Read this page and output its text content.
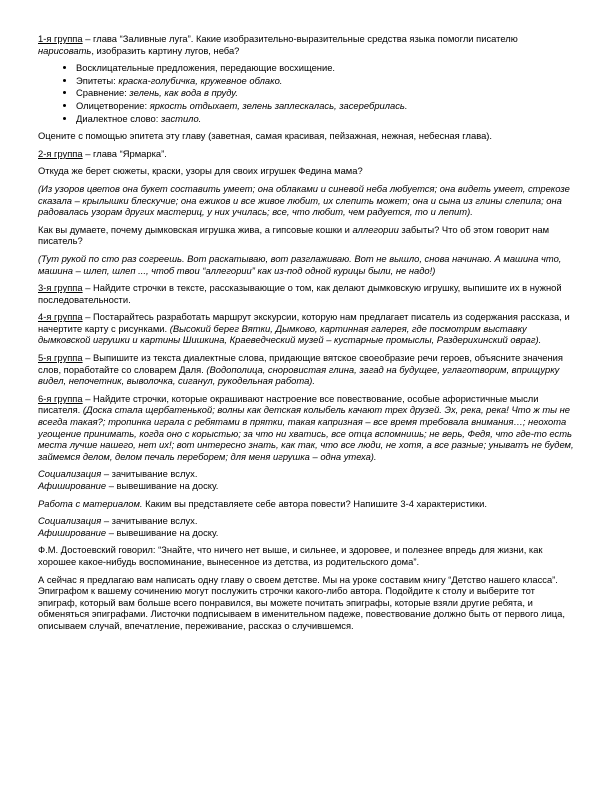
1-я группа – глава “Заливные луга”. Какие изобразительно-выразительные средства языка помогли писателю нарисовать, изобразить картину лугов, неба?

• Восклицательные предложения, передающие восхищение.
• Эпитеты: краска-голубичка, кружевное облако.
• Сравнение: зелень, как вода в пруду.
• Олицетворение: яркость отдыхает, зелень заплескалась, засеребрилась.
• Диалектное слово: застило.

Оцените с помощью эпитета эту главу (заветная, самая красивая, пейзажная, нежная, небесная глава).

2-я группа – глава “Ярмарка”.

Откуда же берет сюжеты, краски, узоры для своих игрушек Федина мама?

(Из узоров цветов она букет составить умеет; она облаками и синевой неба любуется; она видеть умеет, стрекозе сказала – крылышки блескучие; она ежиков и все живое любит, их слепить может; она и сына из глины слепила; она радовалась узорам других мастериц, у них училась; все, что любит, чем радуется, то и лепит).

Как вы думаете, почему дымковская игрушка жива, а гипсовые кошки и аллегории забыты? Что об этом говорит нам писатель?

(Тут рукой по сто раз согреешь. Вот раскатываю, вот разглаживаю. Вот не вышло, снова начинаю. А машина что, машина – шлеп, шлеп ..., чтоб твои “аллегории” как из-под одной курицы были, не надо!)

3-я группа – Найдите строчки в тексте, рассказывающие о том, как делают дымковскую игрушку, выпишите их в нужной последовательности.

4-я группа – Постарайтесь разработать маршрут экскурсии, которую нам предлагает писатель из содержания рассказа, и начертите карту с рисунками. (Высокий берег Вятки, Дымково, картинная галерея, где посмотрим выставку дымковской игрушки и картины Шишкина, Краеведческий музей – кустарные промыслы, Раздерихинский овраг).

5-я группа – Выпишите из текста диалектные слова, придающие вятское своеобразие речи героев, объясните значения слов, поработайте со словарем Даля. (Водополица, сноровистая глина, загад на будущее, углаготворим, вприщурку видел, непочетник, выволочка, сиганул, рукодельная работа).

6-я группа – Найдите строчки, которые окрашивают настроение все повествование, особые афористичные мысли писателя. (Доска стала щербатенькой; волны как детская колыбель качают трех друзей. Эх, река, река! Что ж ты не всегда такая?; тропинка играла с ребятами в прятки, такая капризная – все время требовала внимания…; неохота угощение принимать, когда оно с корыстью; за что ни хватись, все отца вспомнишь; не верь, Федя, что где-то есть места лучше нашего, нет их!; вот интересно знать, как так, что все люди, не хотя, а все разные; уныватъ не будем, займемся делом, делом печаль переборем; для меня игрушка – одна утеха).

Социализация – зачитывание вслух.
Афиширование – вывешивание на доску.

Работа с материалом. Каким вы представляете себе автора повести? Напишите 3-4 характеристики.

Социализация – зачитывание вслух.
Афиширование – вывешивание на доску.

Ф.М. Достоевский говорил: “Знайте, что ничего нет выше, и сильнее, и здоровее, и полезнее впредь для жизни, как хорошее какое-нибудь воспоминание, вынесенное из детства, из родительского дома”.

А сейчас я предлагаю вам написать одну главу о своем детстве. Мы на уроке составим книгу “Детство нашего класса”. Эпиграфом к вашему сочинению могут послужить строчки какого-либо автора. Подойдите к столу и выберите тот эпиграф, который вам больше всего понравился, вы можете почитать эпиграфы, которые взяли другие ребята, и обменяться эпиграфами. Листочки подписываем в именительном падеже, повествование должно быть от первого лица, описываем случай, впечатление, переживание, рассказ о случившемся.
